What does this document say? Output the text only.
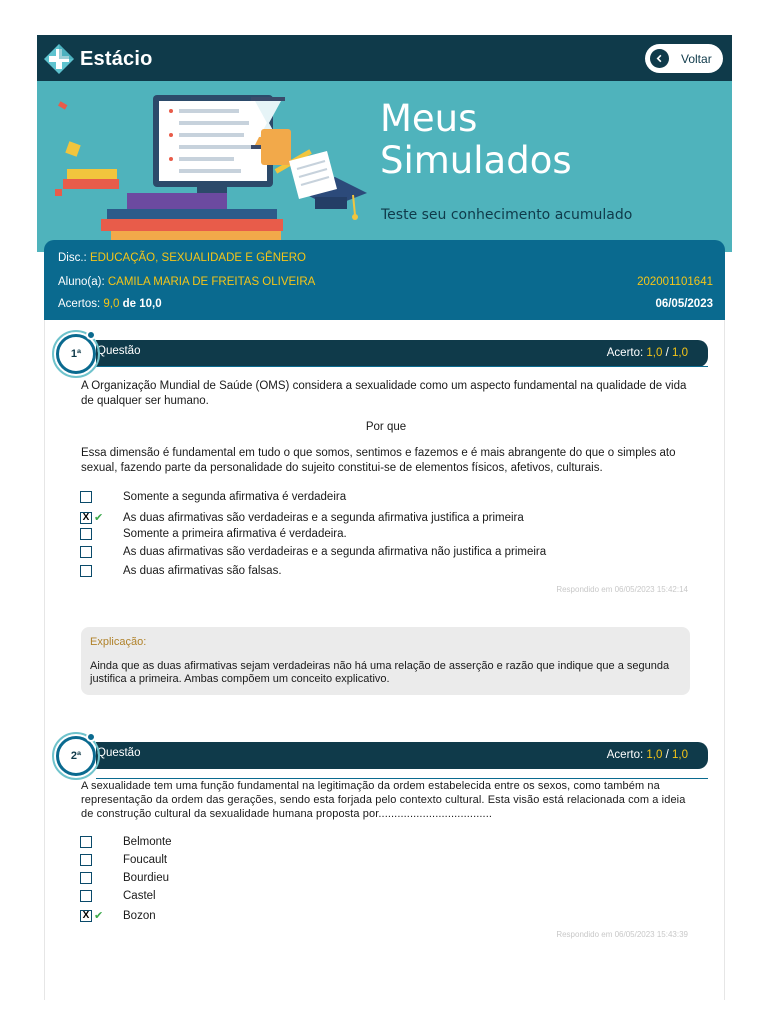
Estácio	Voltar
Meus
Simulados
Teste seu conhecimento acumulado
Disc.: EDUCAÇÃO, SEXUALIDADE E GÊNERO
Aluno(a): CAMILA MARIA DE FREITAS OLIVEIRA	202001101641
Acertos: 9,0 de 10,0	06/05/2023
Questão	Acerto: 1,0 / 1,0
1ª
A Organização Mundial de Saúde (OMS) considera a sexualidade como um aspecto fundamental na qualidade de vida de qualquer ser humano.
Por que
Essa dimensão é fundamental em tudo o que somos, sentimos e fazemos e é mais abrangente do que o simples ato sexual, fazendo parte da personalidade do sujeito constitui-se de elementos físicos, afetivos, culturais.
Somente a segunda afirmativa é verdadeira
X ✔	As duas afirmativas são verdadeiras e a segunda afirmativa justifica a primeira
Somente a primeira afirmativa é verdadeira.
As duas afirmativas são verdadeiras e a segunda afirmativa não justifica a primeira
As duas afirmativas são falsas.
Respondido em 06/05/2023 15:42:14
Explicação:
Ainda que as duas afirmativas sejam verdadeiras não há uma relação de asserção e razão que indique que a segunda justifica a primeira. Ambas compõem um conceito explicativo.
Questão	Acerto: 1,0 / 1,0
2ª
A sexualidade tem uma função fundamental na legitimação da ordem estabelecida entre os sexos, como também na representação da ordem das gerações, sendo esta forjada pelo contexto cultural. Esta visão está relacionada com a ideia de construção cultural da sexualidade humana proposta por....................................
Belmonte
Foucault
Bourdieu
Castel
X ✔	Bozon
Respondido em 06/05/2023 15:43:39
